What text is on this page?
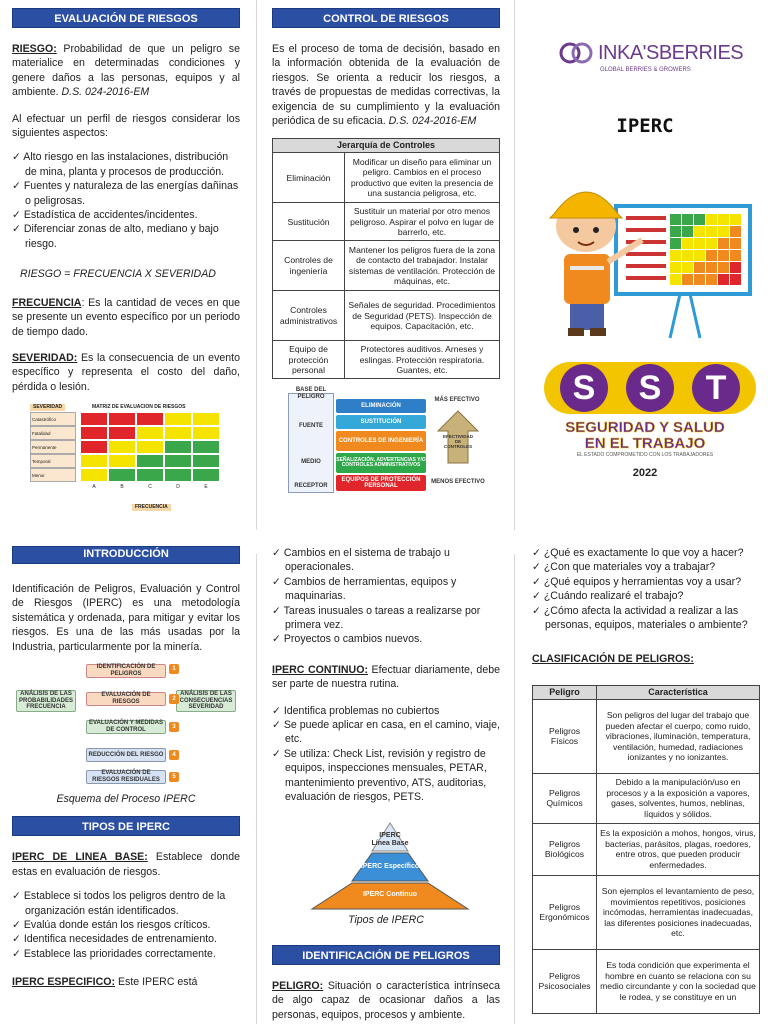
EVALUACIÓN DE RIESGOS
RIESGO: Probabilidad de que un peligro se materialice en determinadas condiciones y genere daños a las personas, equipos y al ambiente. D.S. 024-2016-EM
Al efectuar un perfil de riesgos considerar los siguientes aspectos:
✓ Alto riesgo en las instalaciones, distribución de mina, planta y procesos de producción.
✓ Fuentes y naturaleza de las energías dañinas o peligrosas.
✓ Estadística de accidentes/incidentes.
✓ Diferenciar zonas de alto, mediano y bajo riesgo.
RIESGO = FRECUENCIA X SEVERIDAD
FRECUENCIA: Es la cantidad de veces en que se presente un evento específico por un periodo de tiempo dado.
SEVERIDAD: Es la consecuencia de un evento específico y representa el costo del daño, pérdida o lesión.
MATRIZ DE EVALUACION DE RIESGOS
SEVERIDAD
Catastrófico
Fatalidad
Permanente
Temporal
Menor
A	B	C	D	E
FRECUENCIA
CONTROL DE RIESGOS
Es el proceso de toma de decisión, basado en la información obtenida de la evaluación de riesgos. Se orienta a reducir los riesgos, a través de propuestas de medidas correctivas, la exigencia de su cumplimiento y la evaluación periódica de su eficacia. D.S. 024-2016-EM
Jerarquía de Controles	
Eliminación	Modificar un diseño para eliminar un peligro. Cambios en el proceso productivo que eviten la presencia de una sustancia peligrosa, etc.
Sustitución	Sustituir un material por otro menos peligroso. Aspirar el polvo en lugar de barrerlo, etc.
Controles de ingeniería	Mantener los peligros fuera de la zona de contacto del trabajador. Instalar sistemas de ventilación. Protección de máquinas, etc.
Controles administrativos	Señales de seguridad. Procedimientos de Seguridad (PETS). Inspección de equipos. Capacitación, etc.
Equipo de protección personal	Protectores auditivos. Arneses y eslingas. Protección respiratoria. Guantes, etc.
BASE DEL PELIGRO
FUENTE
MEDIO
RECEPTOR
ELIMINACIÓN
SUSTITUCIÓN
CONTROLES DE INGENIERÍA
SEÑALIZACIÓN, ADVERTENCIAS Y/O CONTROLES ADMINISTRATIVOS
EQUIPOS DE PROTECCIÓN PERSONAL
MÁS EFECTIVO
EFECTIVIDAD DE CONTROLES
MENOS EFECTIVO
INKA'SBERRIES
GLOBAL BERRIES & GROWERS
IPERC
S	S	T
SEGURIDAD Y SALUD
EN EL TRABAJO
EL ESTADO COMPROMETIDO CON LOS TRABAJADORES
2022
INTRODUCCIÓN
Identificación de Peligros, Evaluación y Control de Riesgos (IPERC) es una metodología sistemática y ordenada, para mitigar y evitar los riesgos. Es una de las más usadas por la Industria, particularmente por la minería.
IDENTIFICACIÓN DE PELIGROS
EVALUACIÓN DE RIESGOS
EVALUACIÓN Y MEDIDAS DE CONTROL
REDUCCIÓN DEL RIESGO
EVALUACIÓN DE RIESGOS RESIDUALES
ANÁLISIS DE LAS PROBABILIDADES FRECUENCIA
ANÁLISIS DE LAS CONSECUENCIAS SEVERIDAD
1
2
3
4
5
Esquema del Proceso IPERC
TIPOS DE IPERC
IPERC DE LINEA BASE: Establece donde estas en evaluación de riesgos.
✓ Establece si todos los peligros dentro de la organización están identificados.
✓ Evalúa donde están los riesgos críticos.
✓ Identifica necesidades de entrenamiento.
✓ Establece las prioridades correctamente.
IPERC ESPECIFICO: Este IPERC está
✓ Cambios en el sistema de trabajo u operacionales.
✓ Cambios de herramientas, equipos y maquinarias.
✓ Tareas inusuales o tareas a realizarse por primera vez.
✓ Proyectos o cambios nuevos.
IPERC CONTINUO: Efectuar diariamente, debe ser parte de nuestra rutina.
✓ Identifica problemas no cubiertos
✓ Se puede aplicar en casa, en el camino, viaje, etc.
✓ Se utiliza: Check List, revisión y registro de equipos, inspecciones mensuales, PETAR, mantenimiento preventivo, ATS, auditorias, evaluación de riesgos, PETS.
IPERC Línea Base
IPERC Específico
IPERC Continuo
Tipos de IPERC
IDENTIFICACIÓN DE PELIGROS
PELIGRO: Situación o característica intrínseca de algo capaz de ocasionar daños a las personas, equipos, procesos y ambiente.
✓ ¿Qué es exactamente lo que voy a hacer?
✓ ¿Con que materiales voy a trabajar?
✓ ¿Qué equipos y herramientas voy a usar?
✓ ¿Cuándo realizaré el trabajo?
✓ ¿Cómo afecta la actividad a realizar a las personas, equipos, materiales o ambiente?
CLASIFICACIÓN DE PELIGROS:
Peligro	Característica
Peligros Físicos	Son peligros del lugar del trabajo que pueden afectar el cuerpo, como ruido, vibraciones, iluminación, temperatura, ventilación, humedad, radiaciones ionizantes y no ionizantes.
Peligros Químicos	Debido a la manipulación/uso en procesos y a la exposición a vapores, gases, solventes, humos, neblinas, líquidos y sólidos.
Peligros Biológicos	Es la exposición a mohos, hongos, virus, bacterias, parásitos, plagas, roedores, entre otros, que pueden producir enfermedades.
Peligros Ergonómicos	Son ejemplos el levantamiento de peso, movimientos repetitivos, posiciones incómodas, herramientas inadecuadas, las diferentes posiciones inadecuadas, etc.
Peligros Psicosociales	Es toda condición que experimenta el hombre en cuanto se relaciona con su medio circundante y con la sociedad que le rodea, y se constituye en un
